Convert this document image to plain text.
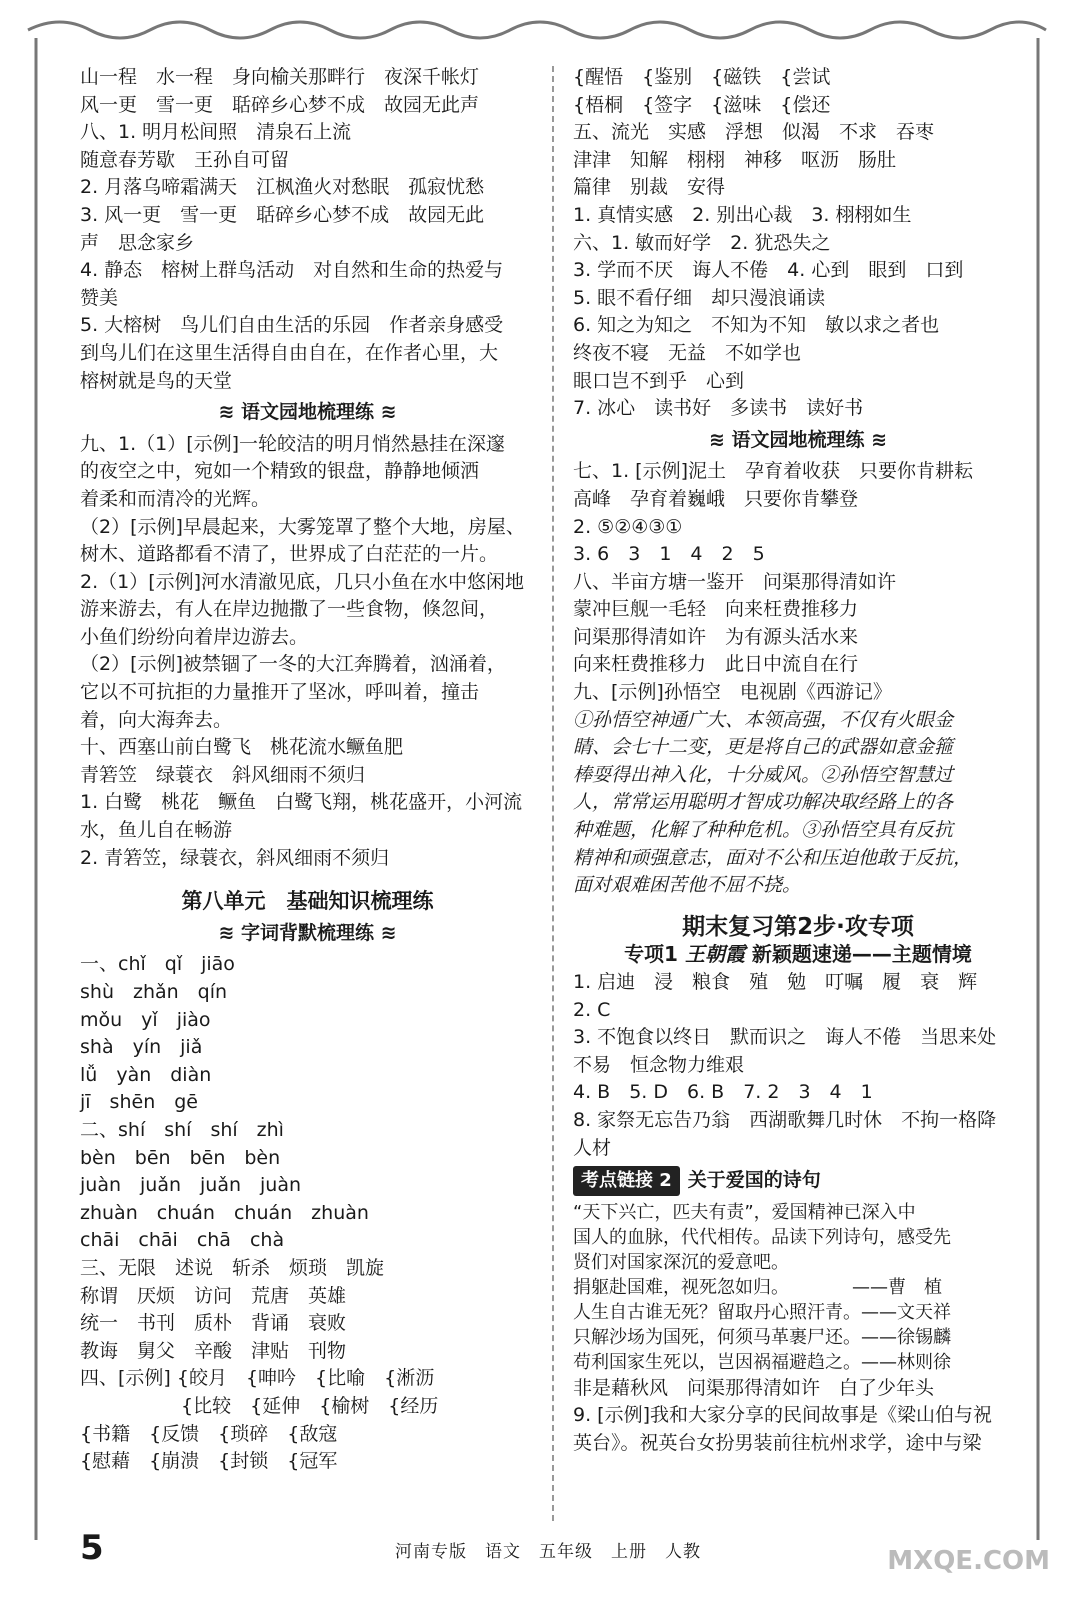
山一程　水一程　身向榆关那畔行　夜深千帐灯
风一更　雪一更　聒碎乡心梦不成　故园无此声
八、1. 明月松间照　清泉石上流
随意春芳歇　王孙自可留
2. 月落乌啼霜满天　江枫渔火对愁眠　孤寂忧愁
3. 风一更　雪一更　聒碎乡心梦不成　故园无此
声　思念家乡
4. 静态　榕树上群鸟活动　对自然和生命的热爱与
赞美
5. 大榕树　鸟儿们自由生活的乐园　作者亲身感受
到鸟儿们在这里生活得自由自在，在作者心里，大
榕树就是鸟的天堂
≋ 语文园地梳理练 ≋
九、1.（1）[示例]一轮皎洁的明月悄然悬挂在深邃
的夜空之中，宛如一个精致的银盘，静静地倾洒
着柔和而清冷的光辉。
（2）[示例]早晨起来，大雾笼罩了整个大地，房屋、
树木、道路都看不清了，世界成了白茫茫的一片。
2.（1）[示例]河水清澈见底，几只小鱼在水中悠闲地
游来游去，有人在岸边抛撒了一些食物，倏忽间，
小鱼们纷纷向着岸边游去。
（2）[示例]被禁锢了一冬的大江奔腾着，汹涌着，
它以不可抗拒的力量推开了坚冰，呼叫着，撞击
着，向大海奔去。
十、西塞山前白鹭飞　桃花流水鳜鱼肥
青箬笠　绿蓑衣　斜风细雨不须归
1. 白鹭　桃花　鳜鱼　白鹭飞翔，桃花盛开，小河流
水，鱼儿自在畅游
2. 青箬笠，绿蓑衣，斜风细雨不须归
第八单元　基础知识梳理练
≋ 字词背默梳理练 ≋
一、chǐ　qǐ　jiāo
shù　zhǎn　qín
mǒu　yǐ　jiào
shà　yín　jiǎ
lǚ　yàn　diàn
jī　shēn　gē
二、shí　shí　shí　zhì
bèn　bēn　bēn　bèn
juàn　juǎn　juǎn　juàn
zhuàn　chuán　chuán　zhuàn
chāi　chāi　chā　chà
三、无限　述说　斩杀　烦琐　凯旋
称谓　厌烦　访问　荒唐　英雄
统一　书刊　质朴　背诵　衰败
教诲　舅父　辛酸　津贴　刊物
四、[示例] {皎月　{呻吟　{比喻　{淅沥
　　　　　 {比较　{延伸　{榆树　{经历
{书籍　{反馈　{琐碎　{敌寇
{慰藉　{崩溃　{封锁　{冠军
{醒悟　{鉴别　{磁铁　{尝试
{梧桐　{签字　{滋味　{偿还
五、流光　实感　浮想　似渴　不求　吞枣
津津　知解　栩栩　神移　呕沥　肠肚
篇律　别裁　安得
1. 真情实感　2. 别出心裁　3. 栩栩如生
六、1. 敏而好学　2. 犹恐失之
3. 学而不厌　诲人不倦　4. 心到　眼到　口到
5. 眼不看仔细　却只漫浪诵读
6. 知之为知之　不知为不知　敏以求之者也
终夜不寝　无益　不如学也
眼口岂不到乎　心到
7. 冰心　读书好　多读书　读好书
≋ 语文园地梳理练 ≋
七、1. [示例]泥土　孕育着收获　只要你肯耕耘
高峰　孕育着巍峨　只要你肯攀登
2. ⑤②④③①
3. 6　3　1　4　2　5
八、半亩方塘一鉴开　问渠那得清如许
蒙冲巨舰一毛轻　向来枉费推移力
问渠那得清如许　为有源头活水来
向来枉费推移力　此日中流自在行
九、[示例]孙悟空　电视剧《西游记》
①孙悟空神通广大、本领高强，不仅有火眼金
睛、会七十二变，更是将自己的武器如意金箍
棒耍得出神入化，十分威风。②孙悟空智慧过
人，常常运用聪明才智成功解决取经路上的各
种难题，化解了种种危机。③孙悟空具有反抗
精神和顽强意志，面对不公和压迫他敢于反抗，
面对艰难困苦他不屈不挠。
期末复习第2步·攻专项
专项1 王朝霞 新颖题速递——主题情境
1. 启迪　浸　粮食　殖　勉　叮嘱　履　衰　辉
2. C
3. 不饱食以终日　默而识之　诲人不倦　当思来处
不易　恒念物力维艰
4. B　5. D　6. B　7. 2　3　4　1
8. 家祭无忘告乃翁　西湖歌舞几时休　不拘一格降
人材
考点链接 2 关于爱国的诗句
“天下兴亡，匹夫有责”，爱国精神已深入中
国人的血脉，代代相传。品读下列诗句，感受先
贤们对国家深沉的爱意吧。
捐躯赴国难，视死忽如归。　　　　——曹　植
人生自古谁无死？留取丹心照汗青。——文天祥
只解沙场为国死，何须马革裹尸还。——徐锡麟
苟利国家生死以，岂因祸福避趋之。——林则徐
非是藉秋风　问渠那得清如许　白了少年头
9. [示例]我和大家分享的民间故事是《梁山伯与祝
英台》。祝英台女扮男装前往杭州求学，途中与梁
5	河南专版　语文　五年级　上册　人教	MXQE.COM
